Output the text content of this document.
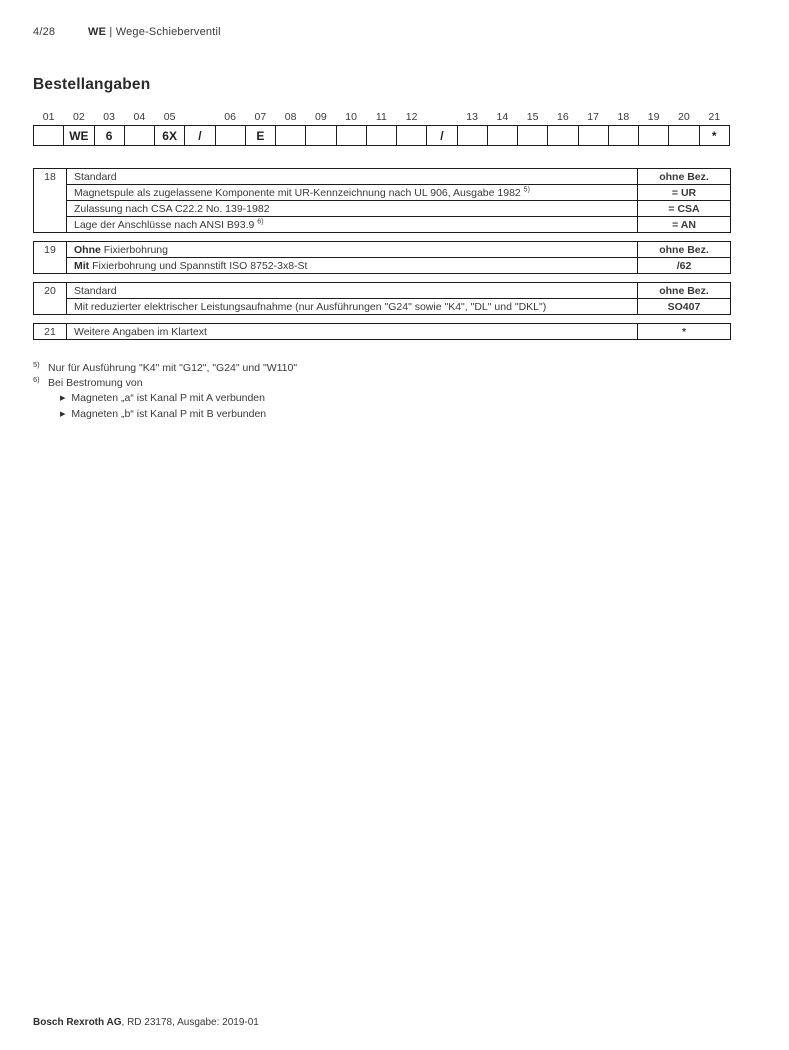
4/28	WE | Wege-Schieberventil
Bestellangaben
01	02	03	04	05		06	07	08	09	10	11	12		13	14	15	16	17	18	19	20	21
	WE	6		6X	/		E						/									*
18	Standard	ohne Bez.
	Magnetspule als zugelassene Komponente mit UR-Kennzeichnung nach UL 906, Ausgabe 1982 $^{5)}$	= UR
	Zulassung nach CSA C22.2 No. 139-1982	= CSA
	Lage der Anschlüsse nach ANSI B93.9 $^{6)}$	= AN
19	Ohne Fixierbohrung	ohne Bez.
	Mit Fixierbohrung und Spannstift ISO 8752-3x8-St	/62
20	Standard	ohne Bez.
	Mit reduzierter elektrischer Leistungsaufnahme (nur Ausführungen "G24" sowie "K4", "DL" und "DKL")	SO407
21	Weitere Angaben im Klartext	*
$^{5)}$ Nur für Ausführung "K4" mit "G12", "G24" und "W110"
$^{6)}$ Bei Bestromung von
▶ Magneten „a“ ist Kanal P mit A verbunden
▶ Magneten „b“ ist Kanal P mit B verbunden
Bosch Rexroth AG, RD 23178, Ausgabe: 2019-01
